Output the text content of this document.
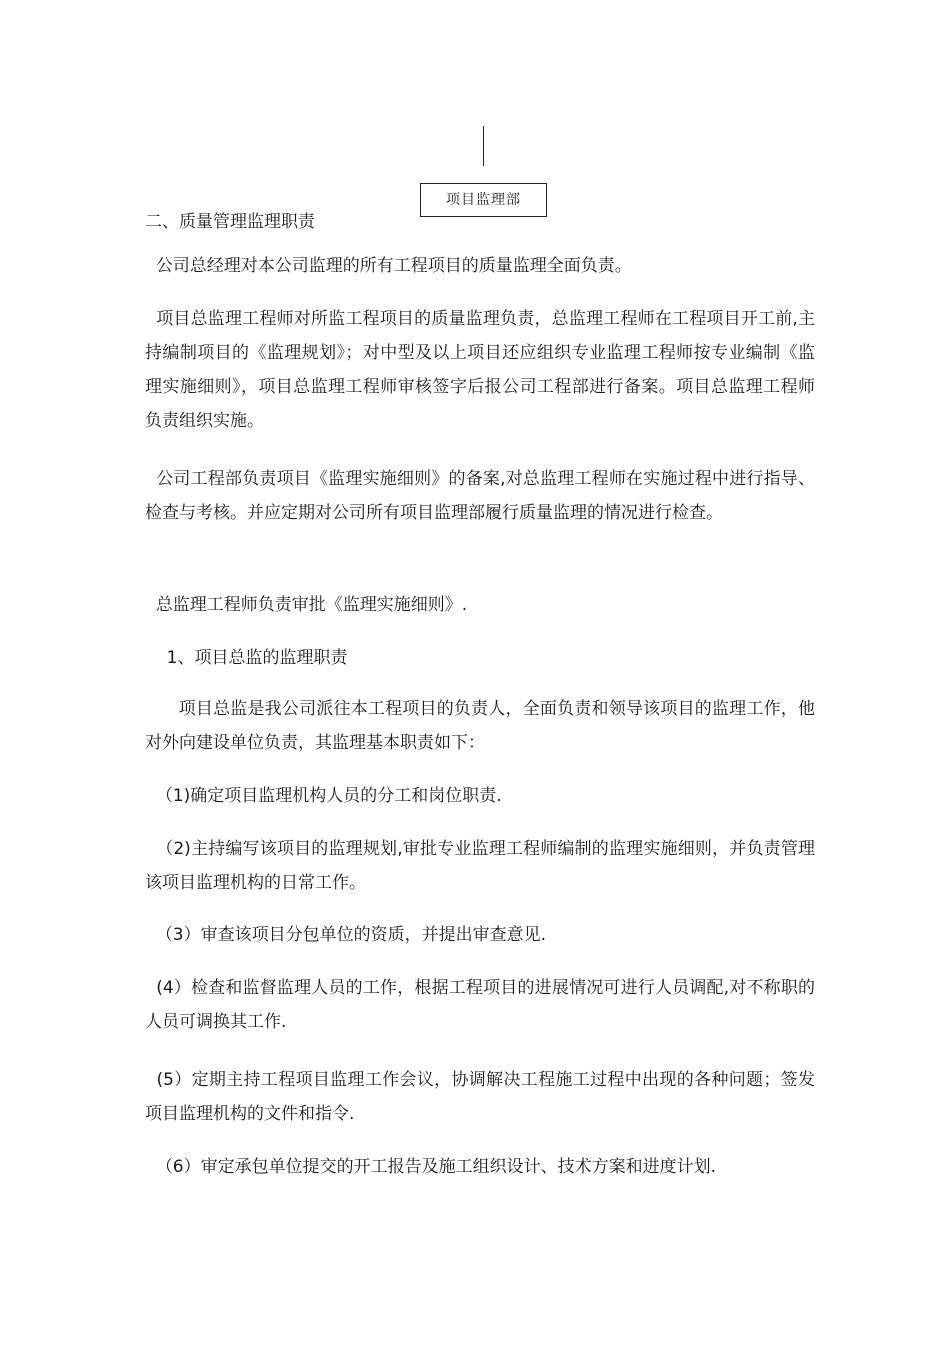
项目监理部

二、质量管理监理职责

公司总经理对本公司监理的所有工程项目的质量监理全面负责。

项目总监理工程师对所监工程项目的质量监理负责，总监理工程师在工程项目开工前,主持编制项目的《监理规划》；对中型及以上项目还应组织专业监理工程师按专业编制《监理实施细则》，项目总监理工程师审核签字后报公司工程部进行备案。项目总监理工程师负责组织实施。

公司工程部负责项目《监理实施细则》的备案,对总监理工程师在实施过程中进行指导、检查与考核。并应定期对公司所有项目监理部履行质量监理的情况进行检查。

总监理工程师负责审批《监理实施细则》.

1、项目总监的监理职责

项目总监是我公司派往本工程项目的负责人，全面负责和领导该项目的监理工作，他对外向建设单位负责，其监理基本职责如下：

（1)确定项目监理机构人员的分工和岗位职责.

（2)主持编写该项目的监理规划,审批专业监理工程师编制的监理实施细则，并负责管理该项目监理机构的日常工作。

（3）审查该项目分包单位的资质，并提出审查意见.

(4）检查和监督监理人员的工作，根据工程项目的进展情况可进行人员调配,对不称职的人员可调换其工作.

(5）定期主持工程项目监理工作会议，协调解决工程施工过程中出现的各种问题；签发项目监理机构的文件和指令.

（6）审定承包单位提交的开工报告及施工组织设计、技术方案和进度计划.
